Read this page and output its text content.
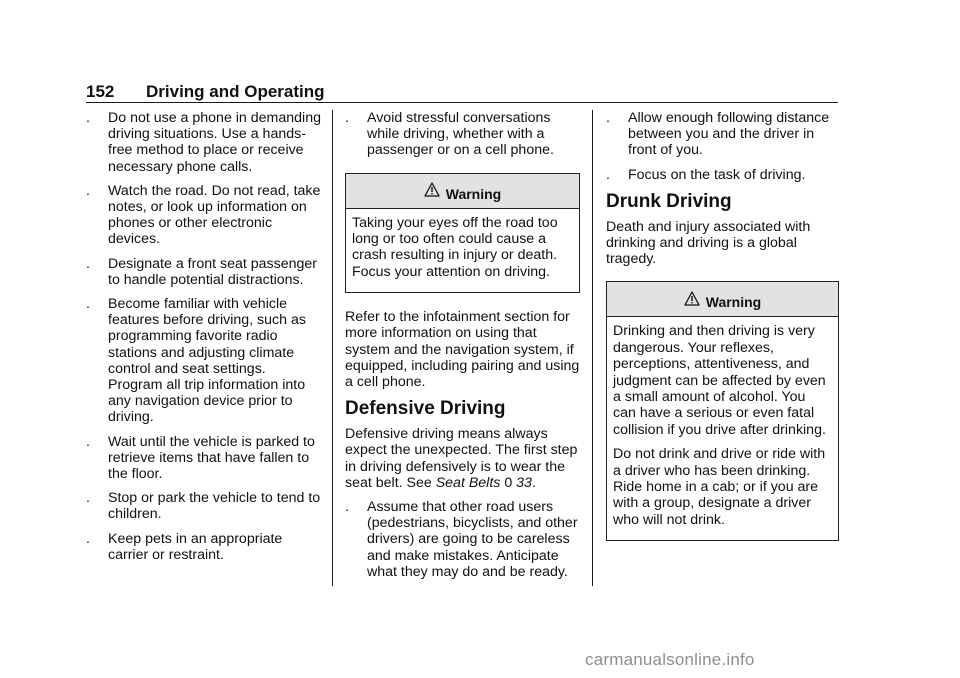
152 Driving and Operating
. Do not use a phone in demanding driving situations. Use a hands-free method to place or receive necessary phone calls.
. Watch the road. Do not read, take notes, or look up information on phones or other electronic devices.
. Designate a front seat passenger to handle potential distractions.
. Become familiar with vehicle features before driving, such as programming favorite radio stations and adjusting climate control and seat settings. Program all trip information into any navigation device prior to driving.
. Wait until the vehicle is parked to retrieve items that have fallen to the floor.
. Stop or park the vehicle to tend to children.
. Keep pets in an appropriate carrier or restraint.
. Avoid stressful conversations while driving, whether with a passenger or on a cell phone.
Warning

Taking your eyes off the road too long or too often could cause a crash resulting in injury or death. Focus your attention on driving.

Refer to the infotainment section for more information on using that system and the navigation system, if equipped, including pairing and using a cell phone.

Defensive Driving

Defensive driving means always expect the unexpected. The first step in driving defensively is to wear the seat belt. See Seat Belts 0 33.

. Assume that other road users (pedestrians, bicyclists, and other drivers) are going to be careless and make mistakes. Anticipate what they may do and be ready.
. Allow enough following distance between you and the driver in front of you.
. Focus on the task of driving.
Drunk Driving

Death and injury associated with drinking and driving is a global tragedy.

Warning

Drinking and then driving is very dangerous. Your reflexes, perceptions, attentiveness, and judgment can be affected by even a small amount of alcohol. You can have a serious or even fatal collision if you drive after drinking.

Do not drink and drive or ride with a driver who has been drinking. Ride home in a cab; or if you are with a group, designate a driver who will not drink.

carmanualsonline.info
